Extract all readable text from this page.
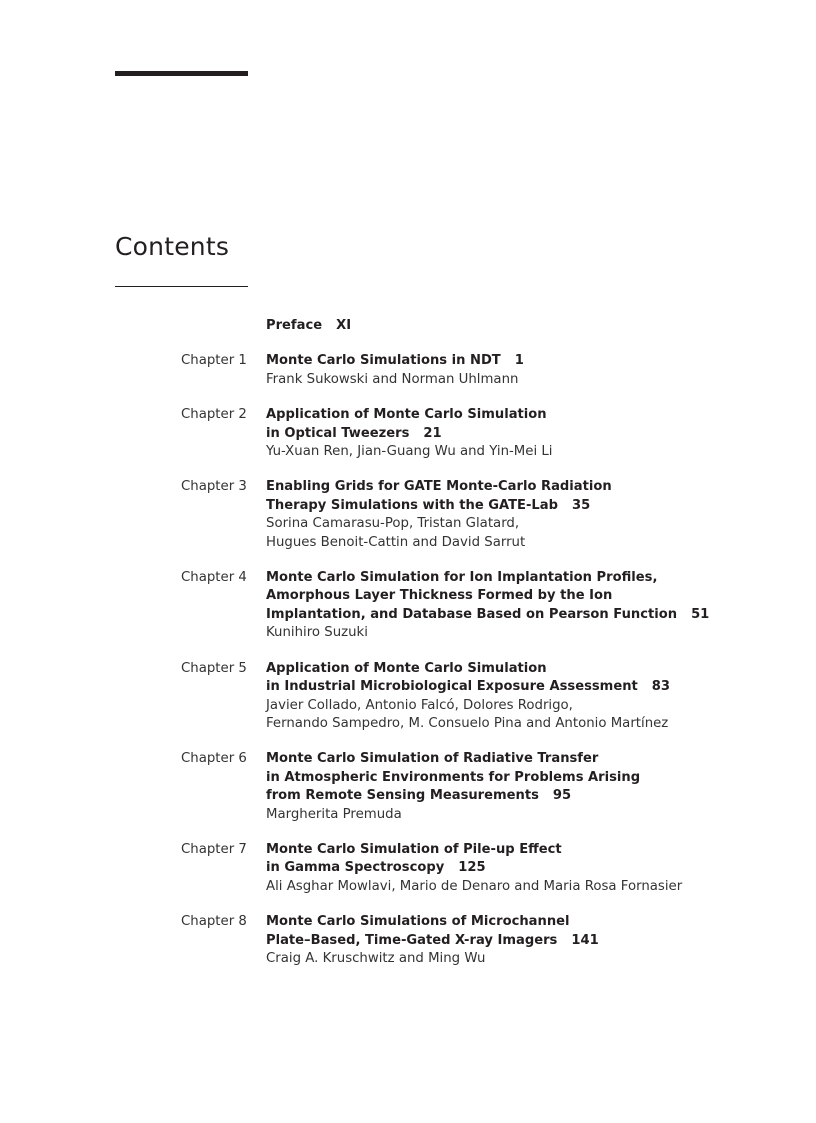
Contents
Preface XI
Chapter 1 Monte Carlo Simulations in NDT 1
Frank Sukowski and Norman Uhlmann
Chapter 2 Application of Monte Carlo Simulation
in Optical Tweezers 21
Yu-Xuan Ren, Jian-Guang Wu and Yin-Mei Li
Chapter 3 Enabling Grids for GATE Monte-Carlo Radiation
Therapy Simulations with the GATE-Lab 35
Sorina Camarasu-Pop, Tristan Glatard,
Hugues Benoit-Cattin and David Sarrut
Chapter 4 Monte Carlo Simulation for Ion Implantation Profiles,
Amorphous Layer Thickness Formed by the Ion
Implantation, and Database Based on Pearson Function 51
Kunihiro Suzuki
Chapter 5 Application of Monte Carlo Simulation
in Industrial Microbiological Exposure Assessment 83
Javier Collado, Antonio Falcó, Dolores Rodrigo,
Fernando Sampedro, M. Consuelo Pina and Antonio Martínez
Chapter 6 Monte Carlo Simulation of Radiative Transfer
in Atmospheric Environments for Problems Arising
from Remote Sensing Measurements 95
Margherita Premuda
Chapter 7 Monte Carlo Simulation of Pile-up Effect
in Gamma Spectroscopy 125
Ali Asghar Mowlavi, Mario de Denaro and Maria Rosa Fornasier
Chapter 8 Monte Carlo Simulations of Microchannel
Plate–Based, Time-Gated X-ray Imagers 141
Craig A. Kruschwitz and Ming Wu
